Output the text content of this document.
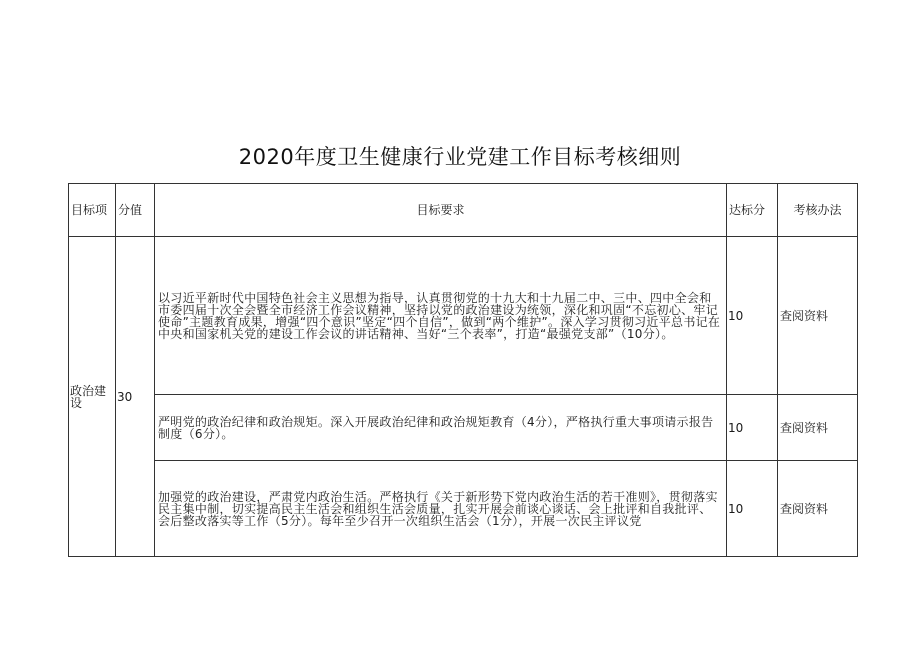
2020年度卫生健康行业党建工作目标考核细则
目标项	分值	目标要求	达标分	考核办法
政治建设	30	以习近平新时代中国特色社会主义思想为指导，认真贯彻党的十九大和十九届二中、三中、四中全会和市委四届十次全会暨全市经济工作会议精神，坚持以党的政治建设为统领，深化和巩固“不忘初心、牢记使命”主题教育成果，增强“四个意识”坚定“四个自信”，做到“两个维护”。深入学习贯彻习近平总书记在中央和国家机关党的建设工作会议的讲话精神、当好“三个表率”，打造“最强党支部”（10分）。	10	查阅资料
		严明党的政治纪律和政治规矩。深入开展政治纪律和政治规矩教育（4分），严格执行重大事项请示报告制度（6分）。	10	查阅资料
		加强党的政治建设，严肃党内政治生活。严格执行《关于新形势下党内政治生活的若干准则》，贯彻落实民主集中制，切实提高民主生活会和组织生活会质量，扎实开展会前谈心谈话、会上批评和自我批评、会后整改落实等工作（5分）。每年至少召开一次组织生活会（1分），开展一次民主评议党	10	查阅资料
